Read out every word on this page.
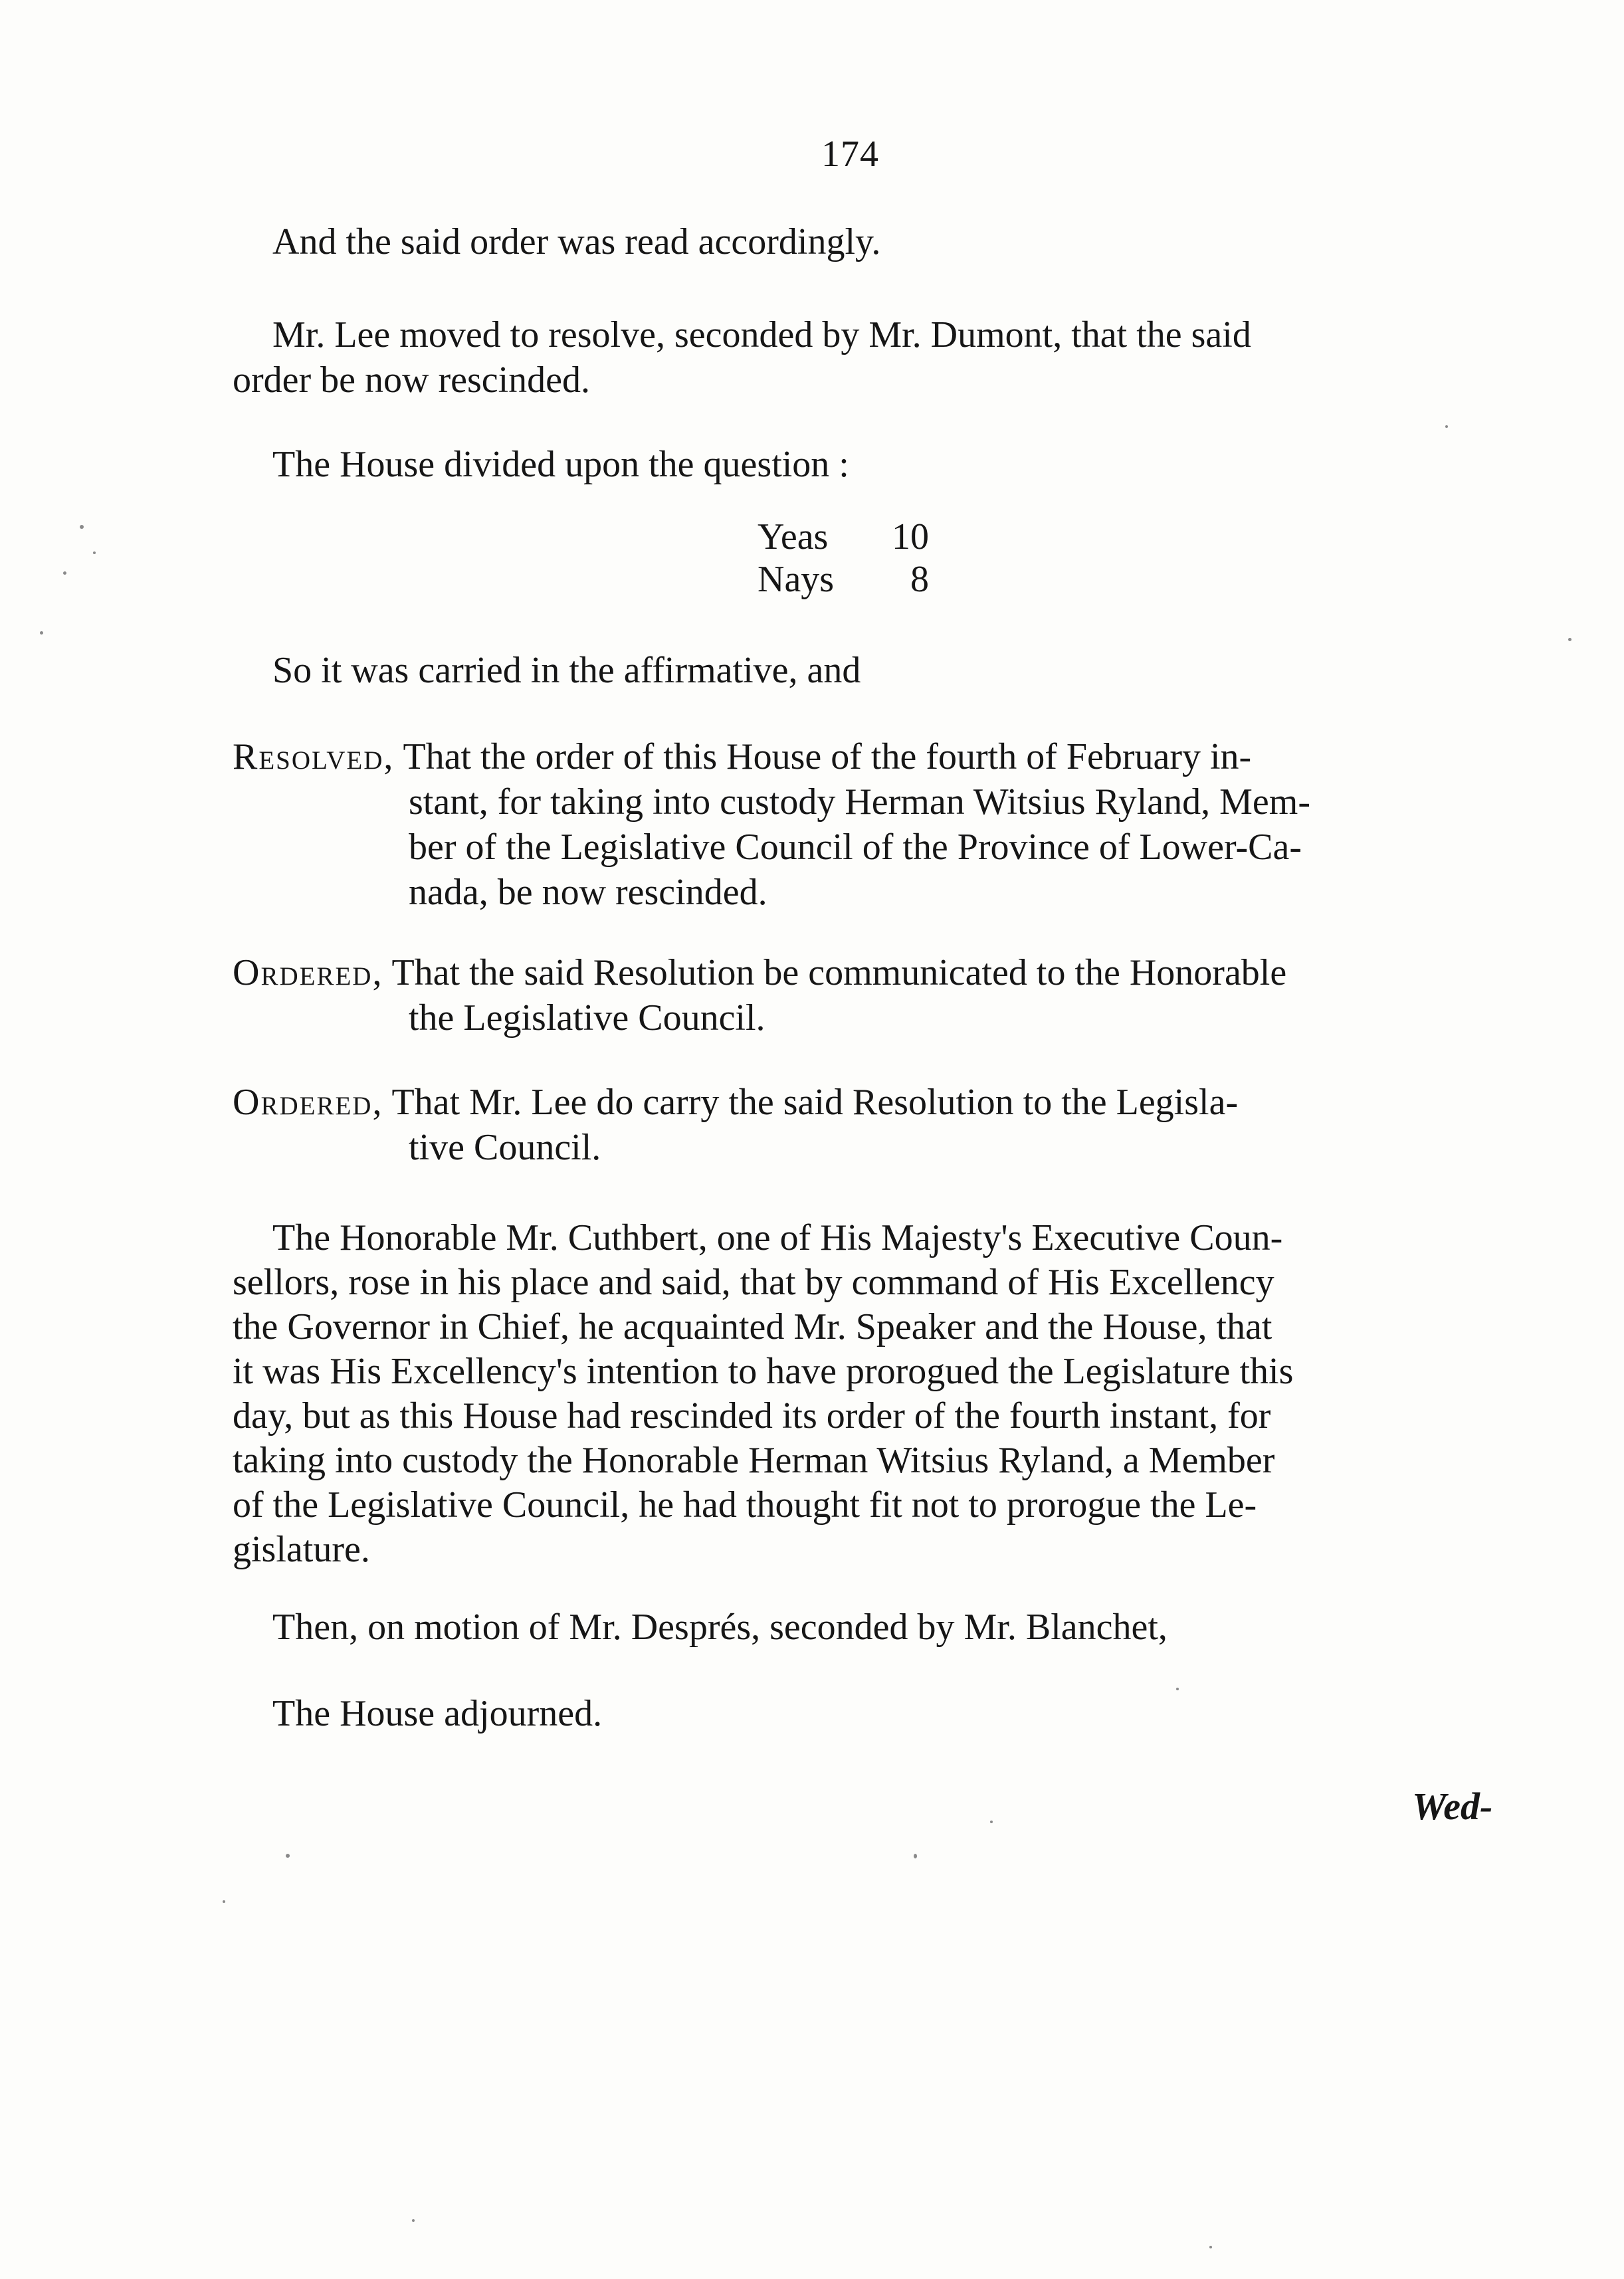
174
And the said order was read accordingly.
Mr. Lee moved to resolve, seconded by Mr. Dumont, that the said
order be now rescinded.
The House divided upon the question :
Yeas	10
Nays	8
So it was carried in the affirmative, and
Resolved, That the order of this House of the fourth of February in-
stant, for taking into custody Herman Witsius Ryland, Mem-
ber of the Legislative Council of the Province of Lower-Ca-
nada, be now rescinded.
Ordered, That the said Resolution be communicated to the Honorable
the Legislative Council.
Ordered, That Mr. Lee do carry the said Resolution to the Legisla-
tive Council.
The Honorable Mr. Cuthbert, one of His Majesty's Executive Coun-
sellors, rose in his place and said, that by command of His Excellency
the Governor in Chief, he acquainted Mr. Speaker and the House, that
it was His Excellency's intention to have prorogued the Legislature this
day, but as this House had rescinded its order of the fourth instant, for
taking into custody the Honorable Herman Witsius Ryland, a Member
of the Legislative Council, he had thought fit not to prorogue the Le-
gislature.
Then, on motion of Mr. Després, seconded by Mr. Blanchet,
The House adjourned.
Wed-
